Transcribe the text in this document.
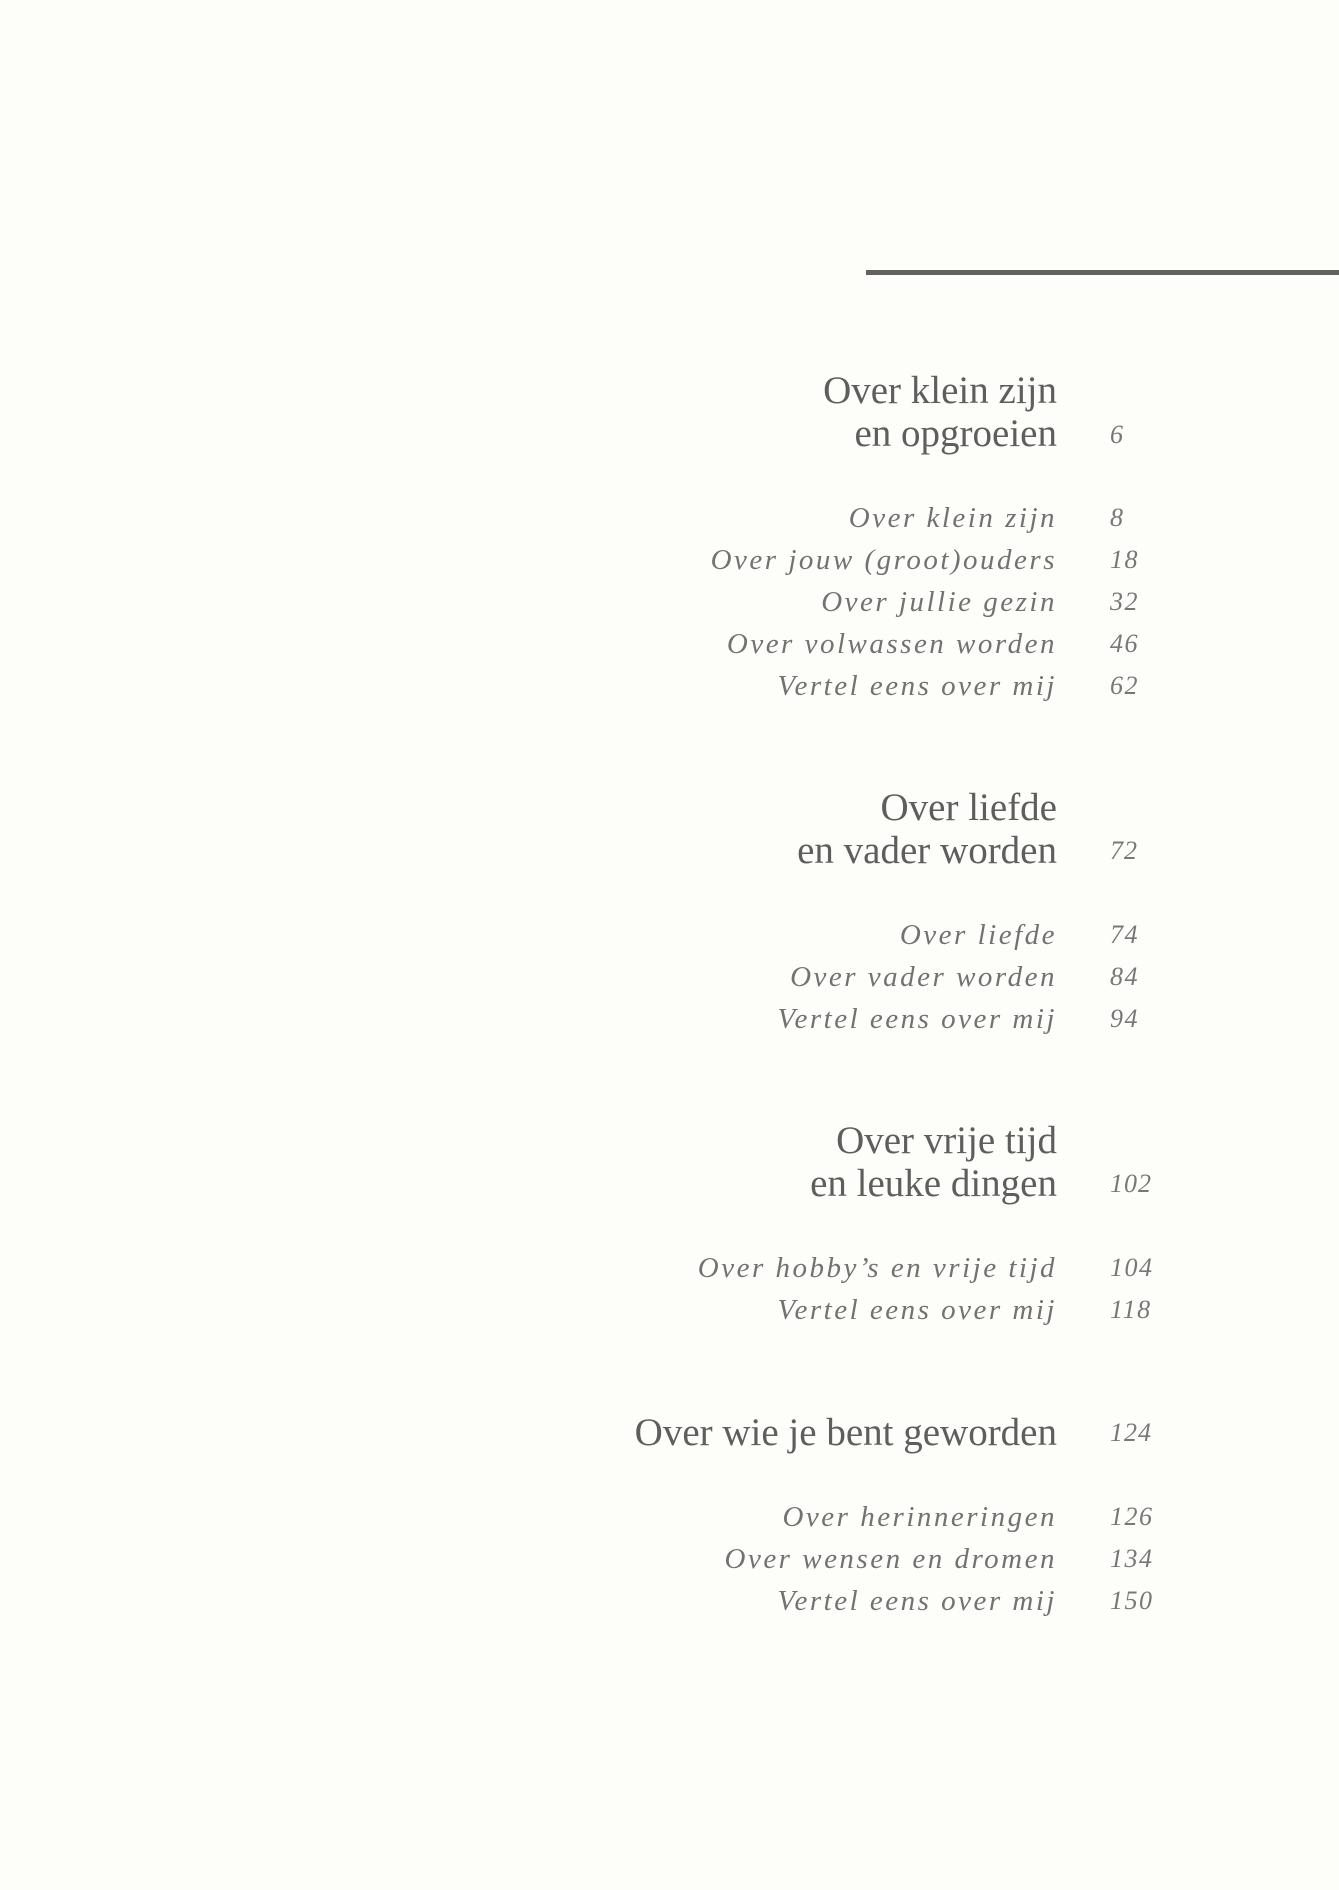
Over klein zijn
en opgroeien 6
Over klein zijn 8
Over jouw (groot)ouders 18
Over jullie gezin 32
Over volwassen worden 46
Vertel eens over mij 62
Over liefde
en vader worden 72
Over liefde 74
Over vader worden 84
Vertel eens over mij 94
Over vrije tijd
en leuke dingen 102
Over hobby’s en vrije tijd 104
Vertel eens over mij 118
Over wie je bent geworden 124
Over herinneringen 126
Over wensen en dromen 134
Vertel eens over mij 150
